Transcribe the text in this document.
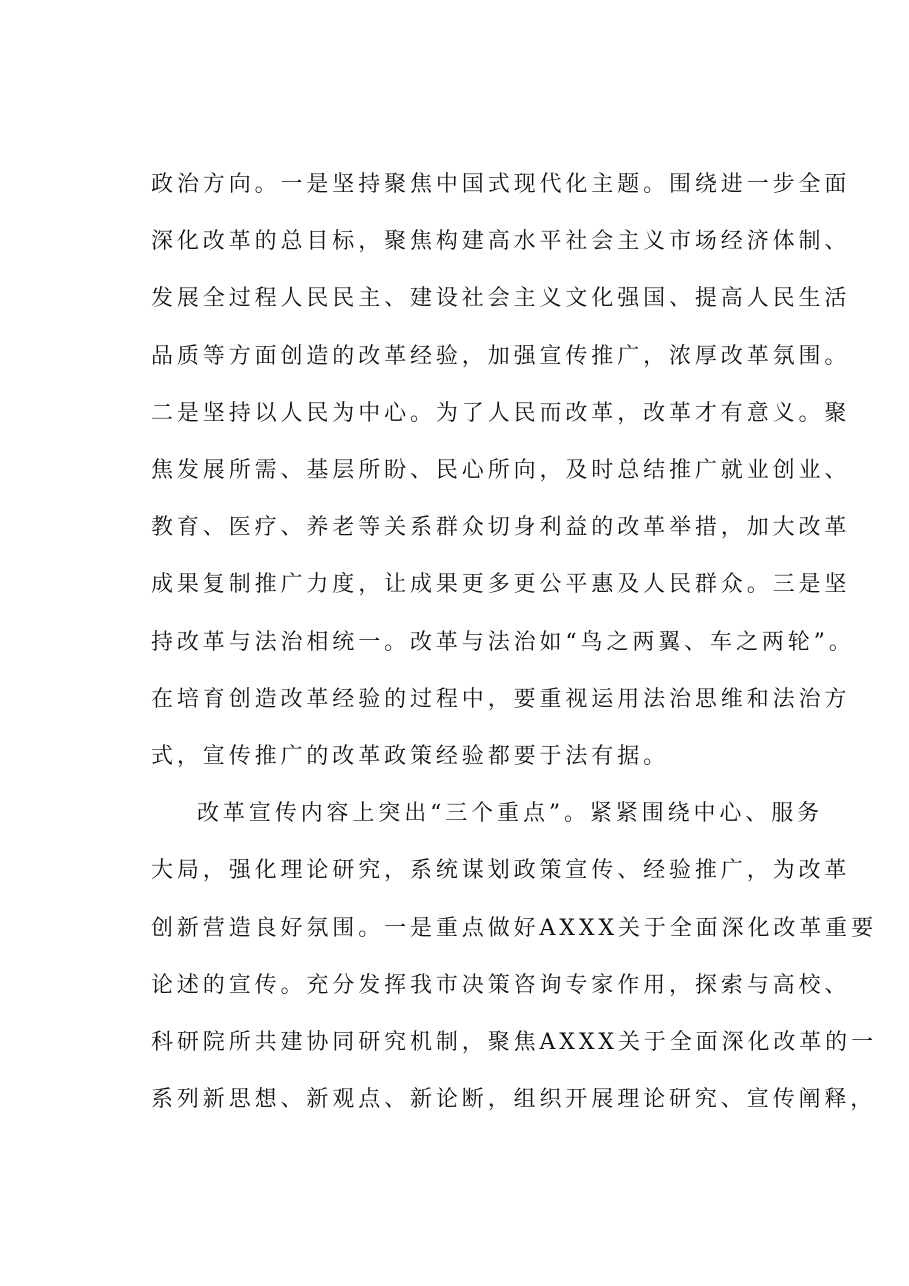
政治方向。一是坚持聚焦中国式现代化主题。围绕进一步全面

深化改革的总目标，聚焦构建高水平社会主义市场经济体制、

发展全过程人民民主、建设社会主义文化强国、提高人民生活

品质等方面创造的改革经验，加强宣传推广，浓厚改革氛围。

二是坚持以人民为中心。为了人民而改革，改革才有意义。聚

焦发展所需、基层所盼、民心所向，及时总结推广就业创业、

教育、医疗、养老等关系群众切身利益的改革举措，加大改革

成果复制推广力度，让成果更多更公平惠及人民群众。三是坚

持改革与法治相统一。改革与法治如“鸟之两翼、车之两轮”。

在培育创造改革经验的过程中，要重视运用法治思维和法治方

式，宣传推广的改革政策经验都要于法有据。

改革宣传内容上突出“三个重点”。紧紧围绕中心、服务

大局，强化理论研究，系统谋划政策宣传、经验推广，为改革

创新营造良好氛围。一是重点做好AXXX关于全面深化改革重要

论述的宣传。充分发挥我市决策咨询专家作用，探索与高校、

科研院所共建协同研究机制，聚焦AXXX关于全面深化改革的一

系列新思想、新观点、新论断，组织开展理论研究、宣传阐释，
